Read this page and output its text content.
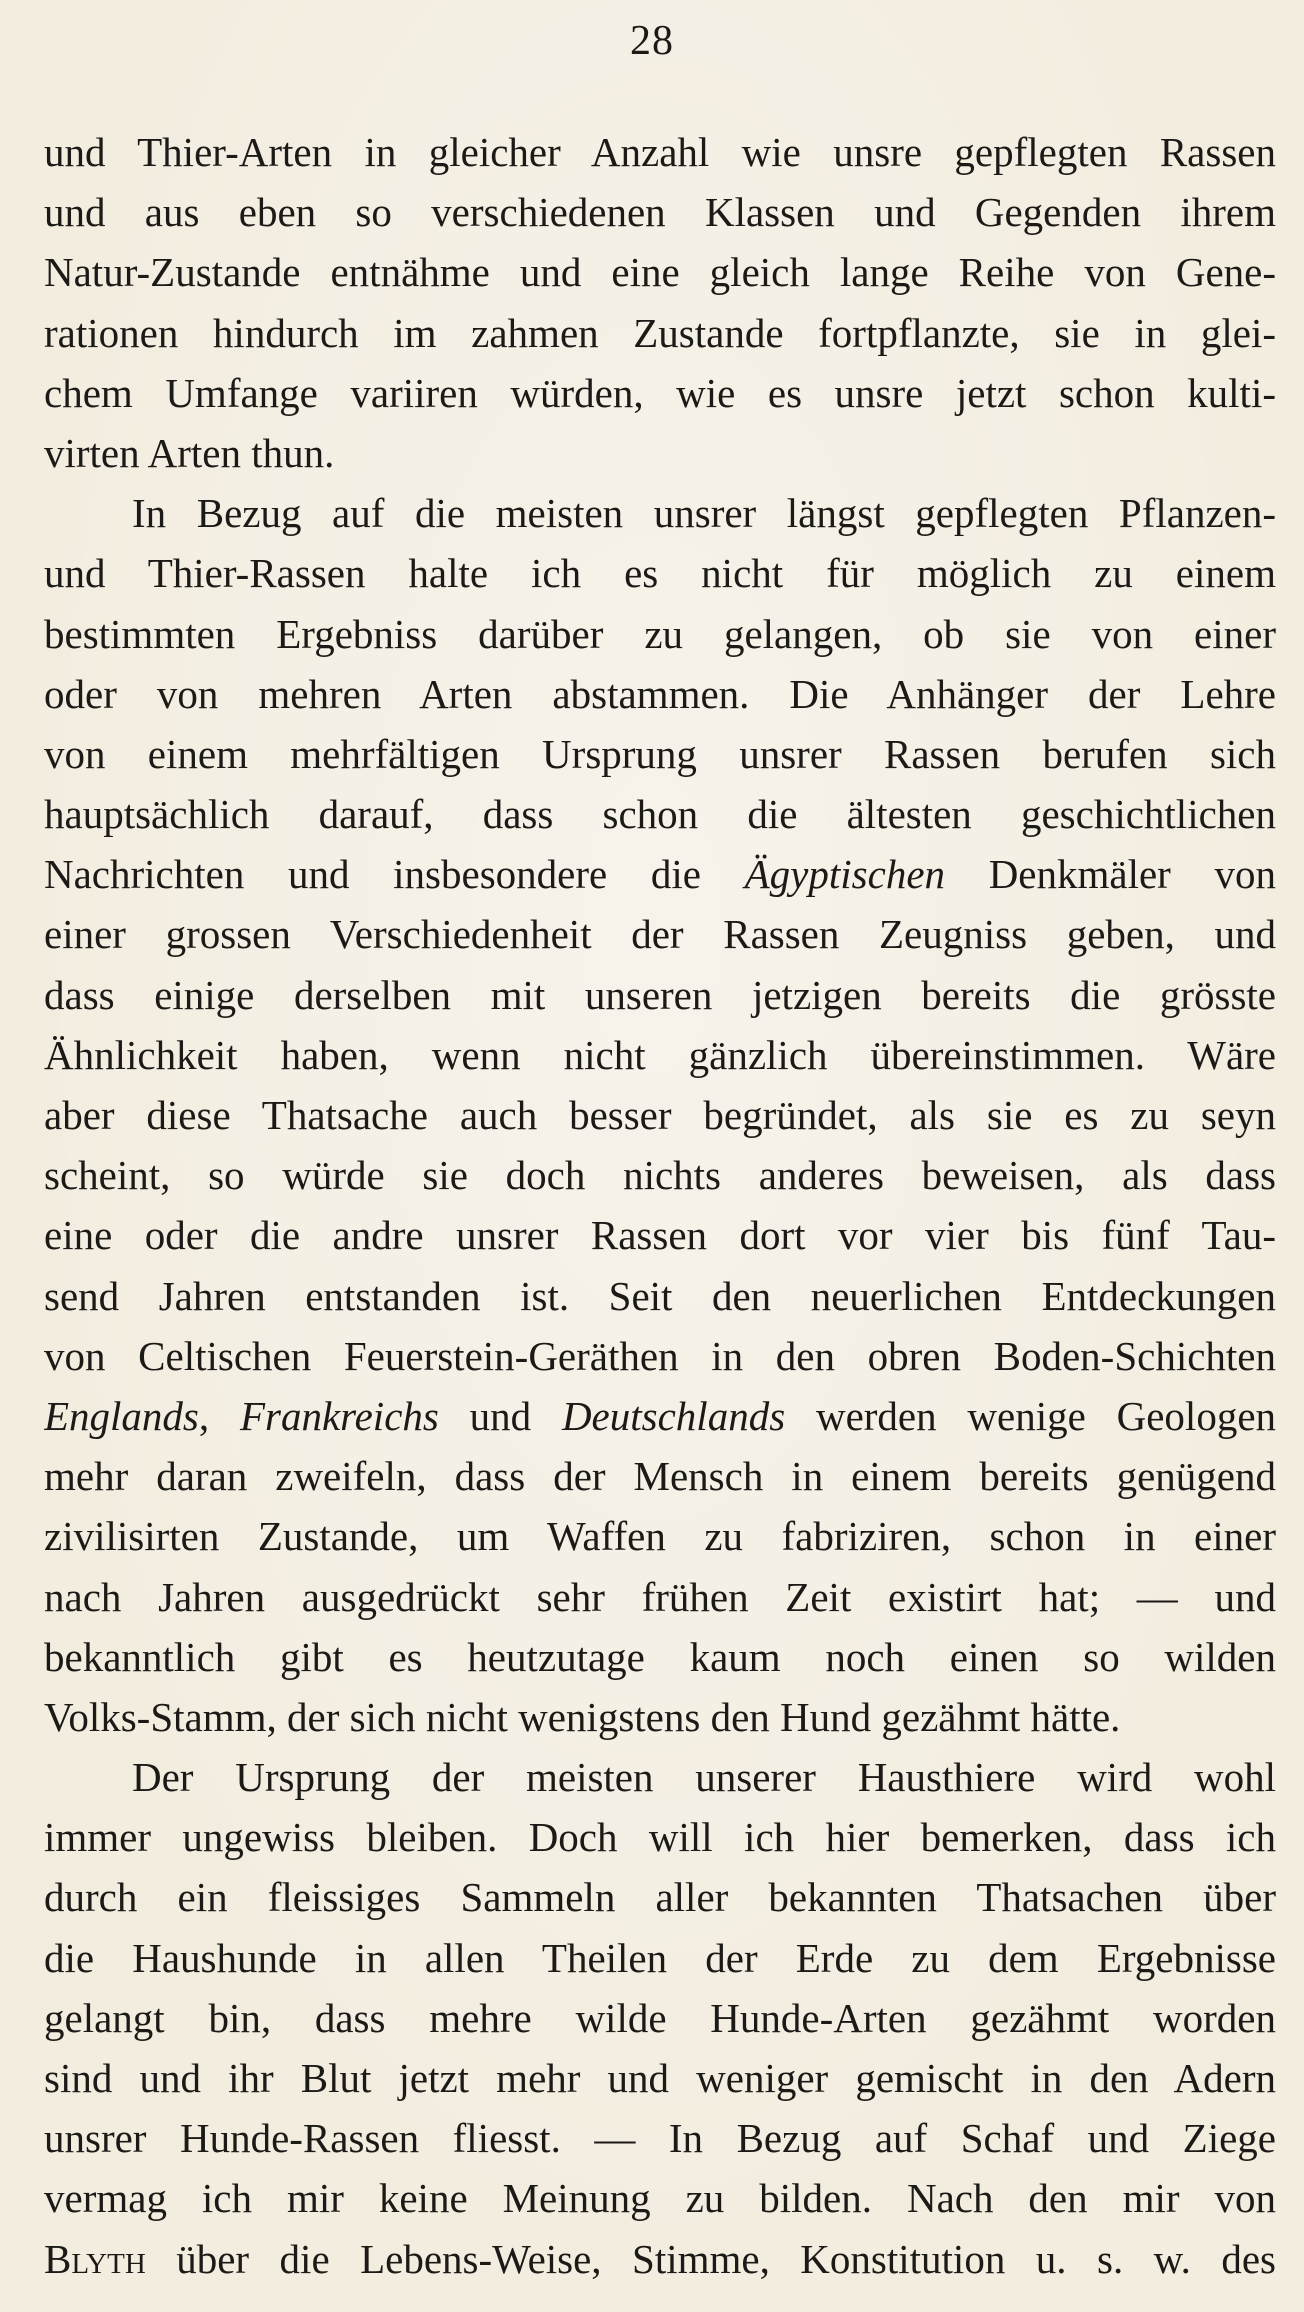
28
und Thier-Arten in gleicher Anzahl wie unsre gepflegten Rassen
und aus eben so verschiedenen Klassen und Gegenden ihrem
Natur-Zustande entnähme und eine gleich lange Reihe von Gene-
rationen hindurch im zahmen Zustande fortpflanzte, sie in glei-
chem Umfange variiren würden, wie es unsre jetzt schon kulti-
virten Arten thun.
In Bezug auf die meisten unsrer längst gepflegten Pflanzen-
und Thier-Rassen halte ich es nicht für möglich zu einem
bestimmten Ergebniss darüber zu gelangen, ob sie von einer
oder von mehren Arten abstammen. Die Anhänger der Lehre
von einem mehrfältigen Ursprung unsrer Rassen berufen sich
hauptsächlich darauf, dass schon die ältesten geschichtlichen
Nachrichten und insbesondere die Ägyptischen Denkmäler von
einer grossen Verschiedenheit der Rassen Zeugniss geben, und
dass einige derselben mit unseren jetzigen bereits die grösste
Ähnlichkeit haben, wenn nicht gänzlich übereinstimmen. Wäre
aber diese Thatsache auch besser begründet, als sie es zu seyn
scheint, so würde sie doch nichts anderes beweisen, als dass
eine oder die andre unsrer Rassen dort vor vier bis fünf Tau-
send Jahren entstanden ist. Seit den neuerlichen Entdeckungen
von Celtischen Feuerstein-Geräthen in den obren Boden-Schichten
Englands, Frankreichs und Deutschlands werden wenige Geologen
mehr daran zweifeln, dass der Mensch in einem bereits genügend
zivilisirten Zustande, um Waffen zu fabriziren, schon in einer
nach Jahren ausgedrückt sehr frühen Zeit existirt hat; — und
bekanntlich gibt es heutzutage kaum noch einen so wilden
Volks-Stamm, der sich nicht wenigstens den Hund gezähmt hätte.
Der Ursprung der meisten unserer Hausthiere wird wohl
immer ungewiss bleiben. Doch will ich hier bemerken, dass ich
durch ein fleissiges Sammeln aller bekannten Thatsachen über
die Haushunde in allen Theilen der Erde zu dem Ergebnisse
gelangt bin, dass mehre wilde Hunde-Arten gezähmt worden
sind und ihr Blut jetzt mehr und weniger gemischt in den Adern
unsrer Hunde-Rassen fliesst. — In Bezug auf Schaf und Ziege
vermag ich mir keine Meinung zu bilden. Nach den mir von
Blyth über die Lebens-Weise, Stimme, Konstitution u. s. w. des
